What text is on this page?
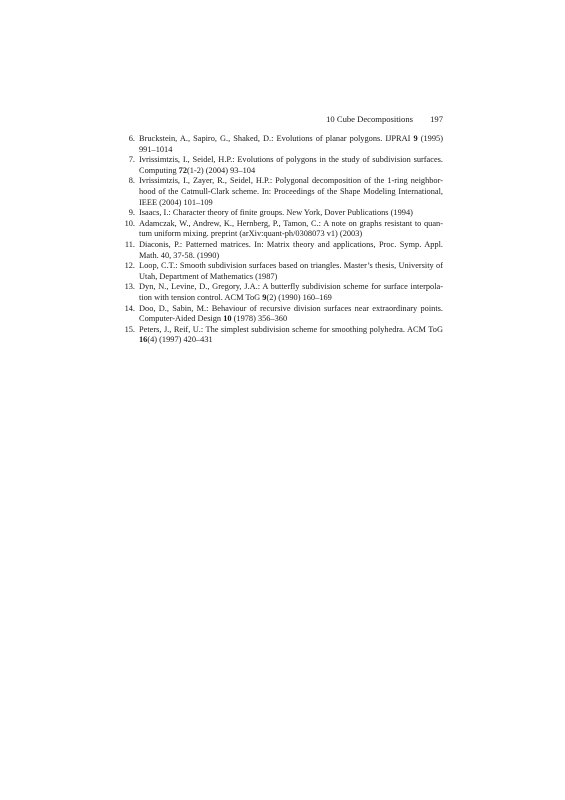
10 Cube Decompositions 197
6. Bruckstein, A., Sapiro, G., Shaked, D.: Evolutions of planar polygons. IJPRAI 9 (1995) 991–1014
7. Ivrissimtzis, I., Seidel, H.P.: Evolutions of polygons in the study of subdivision surfaces. Computing 72(1-2) (2004) 93–104
8. Ivrissimtzis, I., Zayer, R., Seidel, H.P.: Polygonal decomposition of the 1-ring neighbor-hood of the Catmull-Clark scheme. In: Proceedings of the Shape Modeling International, IEEE (2004) 101–109
9. Isaacs, I.: Character theory of finite groups. New York, Dover Publications (1994)
10. Adamczak, W., Andrew, K., Hernberg, P., Tamon, C.: A note on graphs resistant to quan-tum uniform mixing. preprint (arXiv:quant-ph/0308073 v1) (2003)
11. Diaconis, P.: Patterned matrices. In: Matrix theory and applications, Proc. Symp. Appl. Math. 40, 37-58. (1990)
12. Loop, C.T.: Smooth subdivision surfaces based on triangles. Master’s thesis, University of Utah, Department of Mathematics (1987)
13. Dyn, N., Levine, D., Gregory, J.A.: A butterfly subdivision scheme for surface interpola-tion with tension control. ACM ToG 9(2) (1990) 160–169
14. Doo, D., Sabin, M.: Behaviour of recursive division surfaces near extraordinary points. Computer-Aided Design 10 (1978) 356–360
15. Peters, J., Reif, U.: The simplest subdivision scheme for smoothing polyhedra. ACM ToG 16(4) (1997) 420–431
